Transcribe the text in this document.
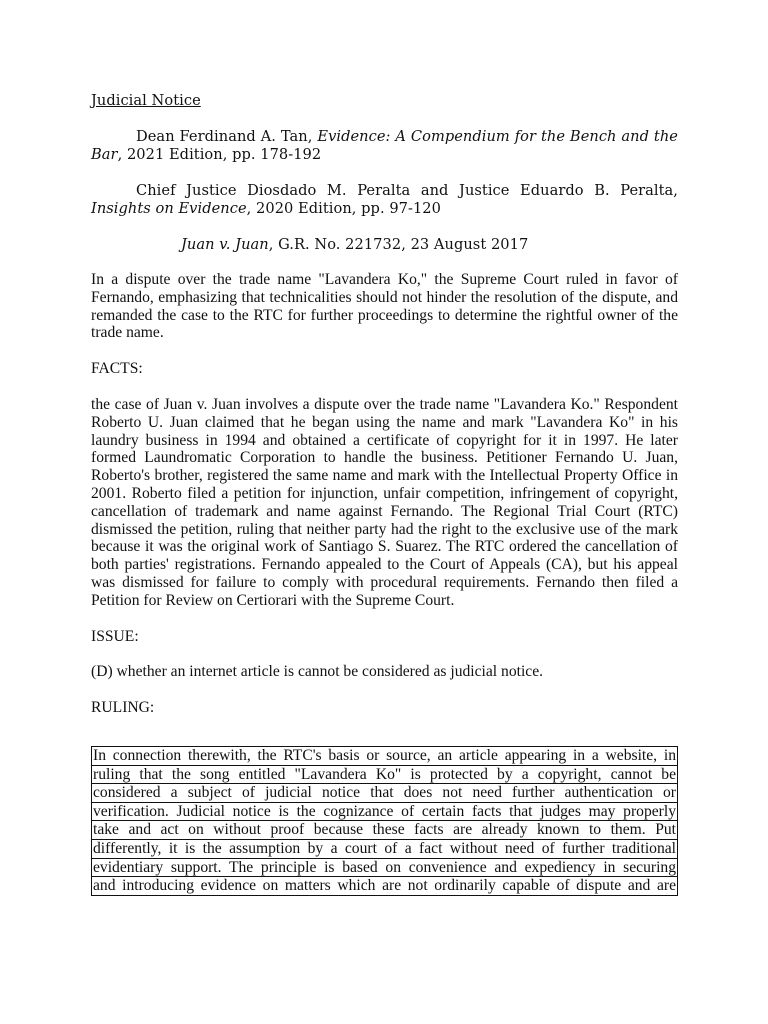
Judicial Notice

Dean Ferdinand A. Tan, Evidence: A Compendium for the Bench and the Bar, 2021 Edition, pp. 178-192

Chief Justice Diosdado M. Peralta and Justice Eduardo B. Peralta, Insights on Evidence, 2020 Edition, pp. 97-120

Juan v. Juan, G.R. No. 221732, 23 August 2017

In a dispute over the trade name "Lavandera Ko," the Supreme Court ruled in favor of Fernando, emphasizing that technicalities should not hinder the resolution of the dispute, and remanded the case to the RTC for further proceedings to determine the rightful owner of the trade name.

FACTS:

the case of Juan v. Juan involves a dispute over the trade name "Lavandera Ko." Respondent Roberto U. Juan claimed that he began using the name and mark "Lavandera Ko" in his laundry business in 1994 and obtained a certificate of copyright for it in 1997. He later formed Laundromatic Corporation to handle the business. Petitioner Fernando U. Juan, Roberto's brother, registered the same name and mark with the Intellectual Property Office in 2001. Roberto filed a petition for injunction, unfair competition, infringement of copyright, cancellation of trademark and name against Fernando. The Regional Trial Court (RTC) dismissed the petition, ruling that neither party had the right to the exclusive use of the mark because it was the original work of Santiago S. Suarez. The RTC ordered the cancellation of both parties' registrations. Fernando appealed to the Court of Appeals (CA), but his appeal was dismissed for failure to comply with procedural requirements. Fernando then filed a Petition for Review on Certiorari with the Supreme Court.

ISSUE:

(D) whether an internet article is cannot be considered as judicial notice.

RULING:

In connection therewith, the RTC's basis or source, an article appearing in a website, in
ruling that the song entitled "Lavandera Ko" is protected by a copyright, cannot be
considered a subject of judicial notice that does not need further authentication or
verification. Judicial notice is the cognizance of certain facts that judges may properly
take and act on without proof because these facts are already known to them. Put
differently, it is the assumption by a court of a fact without need of further traditional
evidentiary support. The principle is based on convenience and expediency in securing
and introducing evidence on matters which are not ordinarily capable of dispute and are
